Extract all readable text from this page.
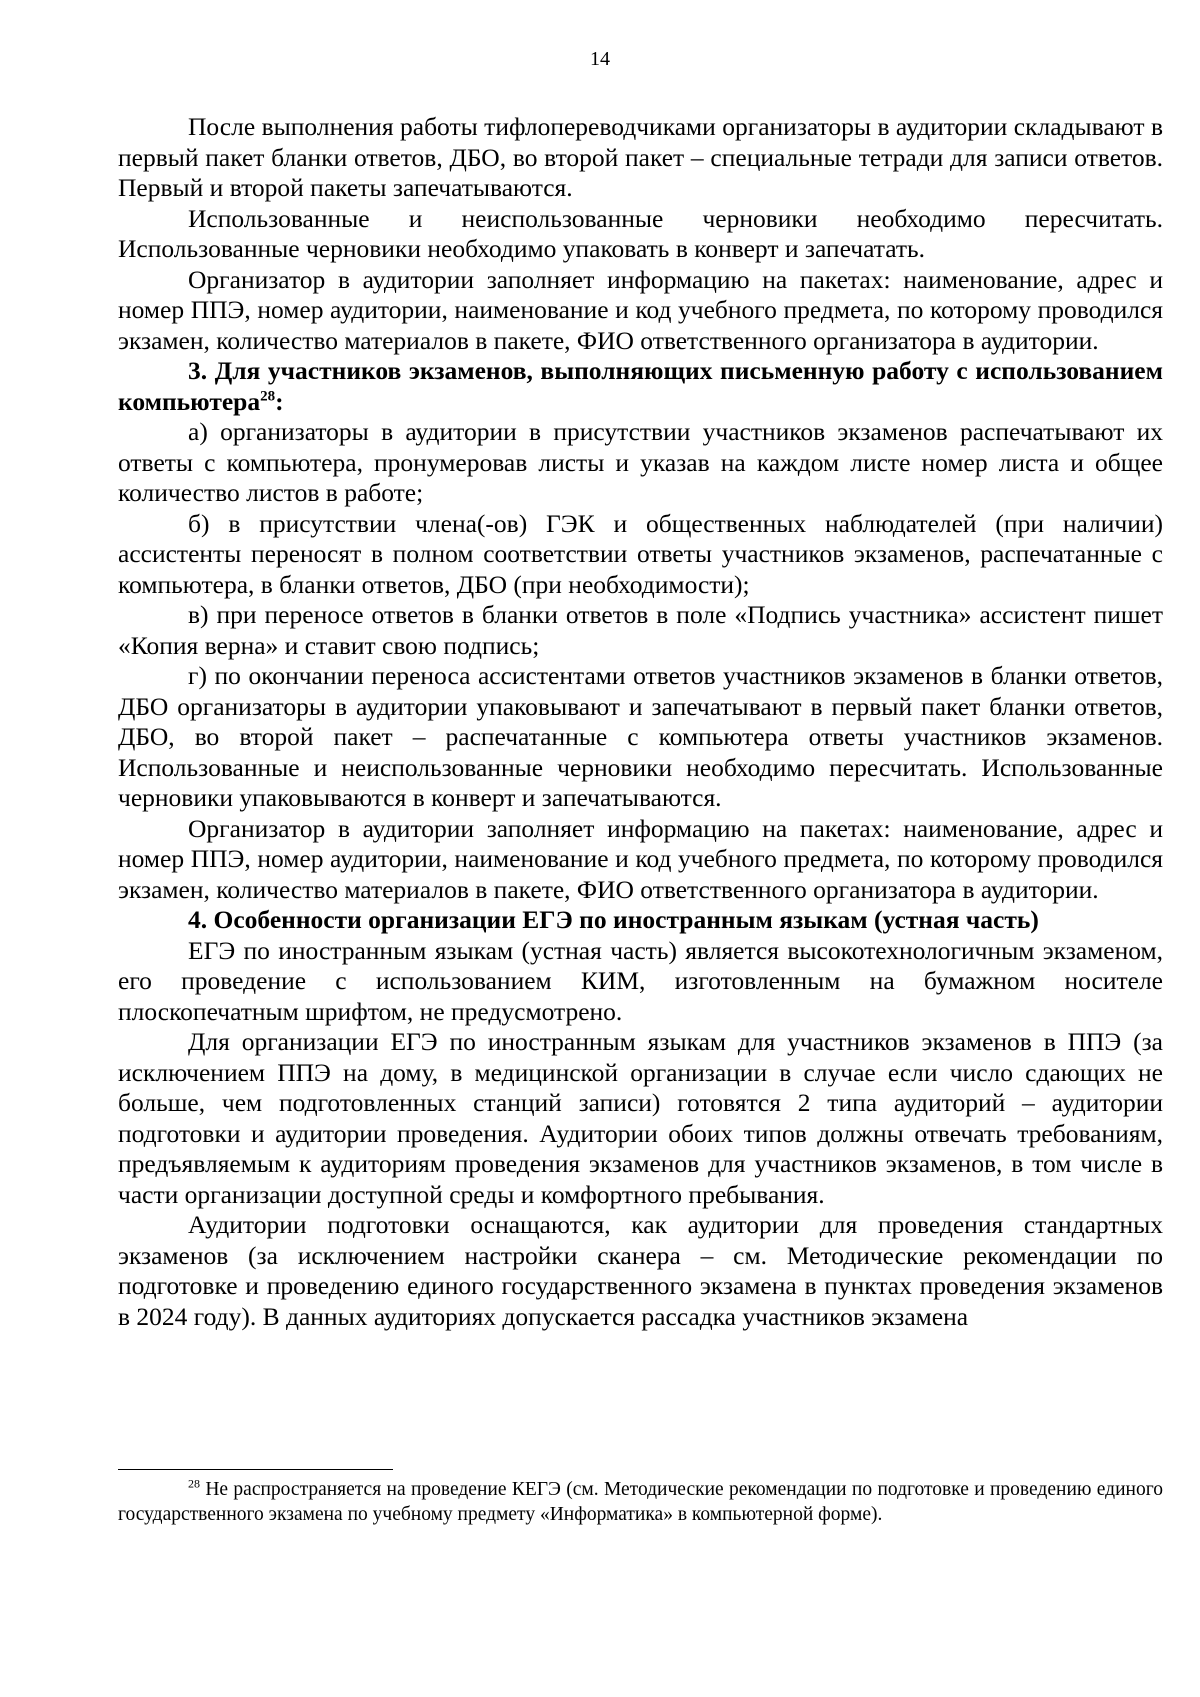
14

После выполнения работы тифлопереводчиками организаторы в аудитории складывают в первый пакет бланки ответов, ДБО, во второй пакет – специальные тетради для записи ответов. Первый и второй пакеты запечатываются.

Использованные и неиспользованные черновики необходимо пересчитать. Использованные черновики необходимо упаковать в конверт и запечатать.

Организатор в аудитории заполняет информацию на пакетах: наименование, адрес и номер ППЭ, номер аудитории, наименование и код учебного предмета, по которому проводился экзамен, количество материалов в пакете, ФИО ответственного организатора в аудитории.

3. Для участников экзаменов, выполняющих письменную работу с использованием компьютера$^{28}$:

а) организаторы в аудитории в присутствии участников экзаменов распечатывают их ответы с компьютера, пронумеровав листы и указав на каждом листе номер листа и общее количество листов в работе;

б) в присутствии члена(-ов) ГЭК и общественных наблюдателей (при наличии) ассистенты переносят в полном соответствии ответы участников экзаменов, распечатанные с компьютера, в бланки ответов, ДБО (при необходимости);

в) при переносе ответов в бланки ответов в поле «Подпись участника» ассистент пишет «Копия верна» и ставит свою подпись;

г) по окончании переноса ассистентами ответов участников экзаменов в бланки ответов, ДБО организаторы в аудитории упаковывают и запечатывают в первый пакет бланки ответов, ДБО, во второй пакет – распечатанные с компьютера ответы участников экзаменов. Использованные и неиспользованные черновики необходимо пересчитать. Использованные черновики упаковываются в конверт и запечатываются.

Организатор в аудитории заполняет информацию на пакетах: наименование, адрес и номер ППЭ, номер аудитории, наименование и код учебного предмета, по которому проводился экзамен, количество материалов в пакете, ФИО ответственного организатора в аудитории.

4. Особенности организации ЕГЭ по иностранным языкам (устная часть)

ЕГЭ по иностранным языкам (устная часть) является высокотехнологичным экзаменом, его проведение с использованием КИМ, изготовленным на бумажном носителе плоскопечатным шрифтом, не предусмотрено.

Для организации ЕГЭ по иностранным языкам для участников экзаменов в ППЭ (за исключением ППЭ на дому, в медицинской организации в случае если число сдающих не больше, чем подготовленных станций записи) готовятся 2 типа аудиторий – аудитории подготовки и аудитории проведения. Аудитории обоих типов должны отвечать требованиям, предъявляемым к аудиториям проведения экзаменов для участников экзаменов, в том числе в части организации доступной среды и комфортного пребывания.

Аудитории подготовки оснащаются, как аудитории для проведения стандартных экзаменов (за исключением настройки сканера – см. Методические рекомендации по подготовке и проведению единого государственного экзамена в пунктах проведения экзаменов в 2024 году). В данных аудиториях допускается рассадка участников экзамена

$^{28}$ Не распространяется на проведение КЕГЭ (см. Методические рекомендации по подготовке и проведению единого государственного экзамена по учебному предмету «Информатика» в компьютерной форме).
